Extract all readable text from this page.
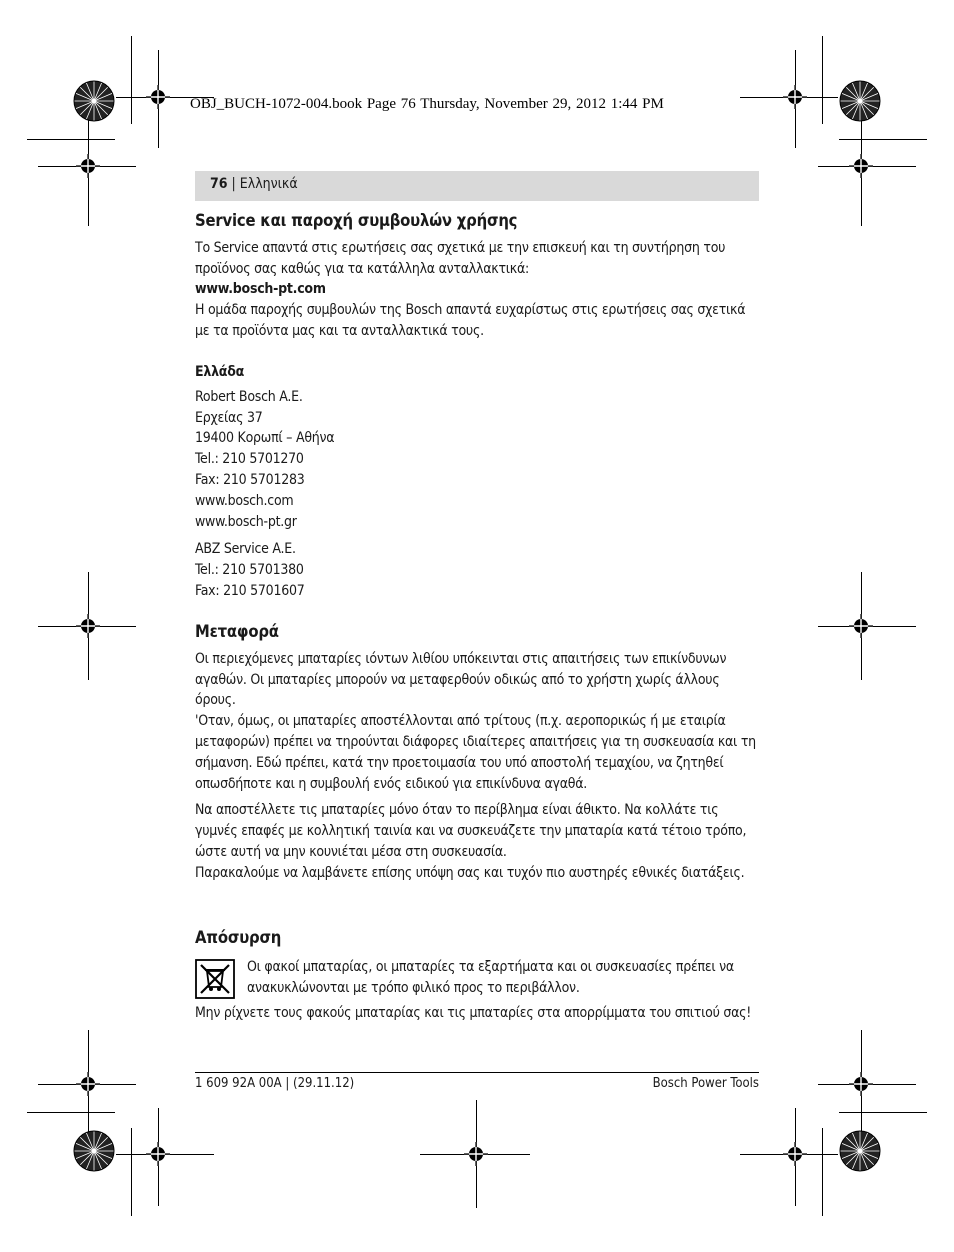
OBJ_BUCH-1072-004.book Page 76 Thursday, November 29, 2012 1:44 PM
76 | Ελληνικά

Service και παροχή συμβουλών χρήσης

Το Service απαντά στις ερωτήσεις σας σχετικά με την επισκευή και τη συντήρηση του προϊόνος σας καθώς για τα κατάλληλα ανταλλακτικά:

www.bosch-pt.com

Η ομάδα παροχής συμβουλών της Bosch απαντά ευχαρίστως στις ερωτήσεις σας σχετικά με τα προϊόντα μας και τα ανταλλακτικά τους.

Ελλάδα

Robert Bosch A.E.

Ερχείας 37

19400 Κορωπί – Αθήνα

Tel.: 210 5701270

Fax: 210 5701283

www.bosch.com

www.bosch-pt.gr

ABZ Service A.E.

Tel.: 210 5701380

Fax: 210 5701607

Μεταφορά

Οι περιεχόμενες μπαταρίες ιόντων λιθίου υπόκεινται στις απαιτήσεις των επικίνδυνων αγαθών. Οι μπαταρίες μπορούν να μεταφερθούν οδικώς από το χρήστη χωρίς άλλους όρους.

'Οταν, όμως, οι μπαταρίες αποστέλλονται από τρίτους (π.χ. αεροπορικώς ή με εταιρία μεταφορών) πρέπει να τηρούνται διάφορες ιδιαίτερες απαιτήσεις για τη συσκευασία και τη σήμανση. Εδώ πρέπει, κατά την προετοιμασία του υπό αποστολή τεμαχίου, να ζητηθεί οπωσδήποτε και η συμβουλή ενός ειδικού για επικίνδυνα αγαθά.

Να αποστέλλετε τις μπαταρίες μόνο όταν το περίβλημα είναι άθικτο. Να κολλάτε τις γυμνές επαφές με κολλητική ταινία και να συσκευάζετε την μπαταρία κατά τέτοιο τρόπο, ώστε αυτή να μην κουνιέται μέσα στη συσκευασία.

Παρακαλούμε να λαμβάνετε επίσης υπόψη σας και τυχόν πιο αυστηρές εθνικές διατάξεις.

Απόσυρση

Οι φακοί μπαταρίας, οι μπαταρίες τα εξαρτήματα και οι συσκευασίες πρέπει να ανακυκλώνονται με τρόπο φιλικό προς το περιβάλλον.
Μην ρίχνετε τους φακούς μπαταρίας και τις μπαταρίες στα απορρίμματα του σπιτιού σας!
1 609 92A 00A | (29.11.12)	Bosch Power Tools
